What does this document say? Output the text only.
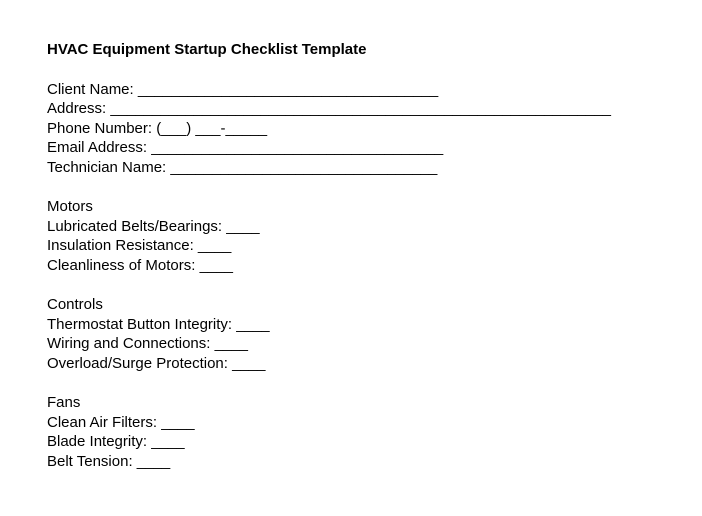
HVAC Equipment Startup Checklist Template
Client Name: ____________________________________
Address: ____________________________________________________________
Phone Number: (___) ___-_____
Email Address: ___________________________________
Technician Name: ________________________________
Motors
Lubricated Belts/Bearings: ____
Insulation Resistance: ____
Cleanliness of Motors: ____
Controls
Thermostat Button Integrity: ____
Wiring and Connections: ____
Overload/Surge Protection: ____
Fans
Clean Air Filters: ____
Blade Integrity: ____
Belt Tension: ____
